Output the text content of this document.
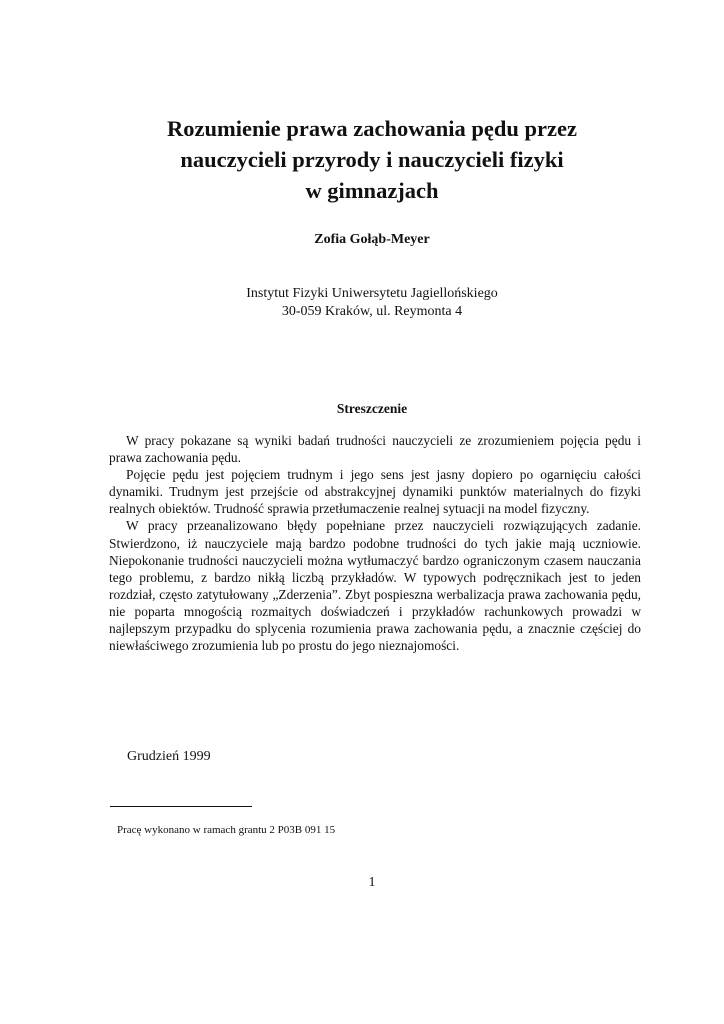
Rozumienie prawa zachowania pędu przez
nauczycieli przyrody i nauczycieli fizyki
w gimnazjach
Zofia Gołąb-Meyer
Instytut Fizyki Uniwersytetu Jagiellońskiego
30-059 Kraków, ul. Reymonta 4
Streszczenie

W pracy pokazane są wyniki badań trudności nauczycieli ze zrozumieniem pojęcia pędu i prawa zachowania pędu.

Pojęcie pędu jest pojęciem trudnym i jego sens jest jasny dopiero po ogarnięciu całości dynamiki. Trudnym jest przejście od abstrakcyjnej dynamiki punktów materialnych do fizyki realnych obiektów. Trudność sprawia przetłumaczenie realnej sytuacji na model fizyczny.

W pracy przeanalizowano błędy popełniane przez nauczycieli rozwiązujących zadanie. Stwierdzono, iż nauczyciele mają bardzo podobne trudności do tych jakie mają uczniowie. Niepokonanie trudności nauczycieli można wytłumaczyć bardzo ograniczonym czasem nauczania tego problemu, z bardzo nikłą liczbą przykładów. W typowych podręcznikach jest to jeden rozdział, często zatytułowany „Zderzenia”. Zbyt pospieszna werbalizacja prawa zachowania pędu, nie poparta mnogością rozmaitych doświadczeń i przykładów rachunkowych prowadzi w najlepszym przypadku do splycenia rozumienia prawa zachowania pędu, a znacznie częściej do niewłaściwego zrozumienia lub po prostu do jego nieznajomości.

Grudzień 1999
Pracę wykonano w ramach grantu 2 P03B 091 15
1
